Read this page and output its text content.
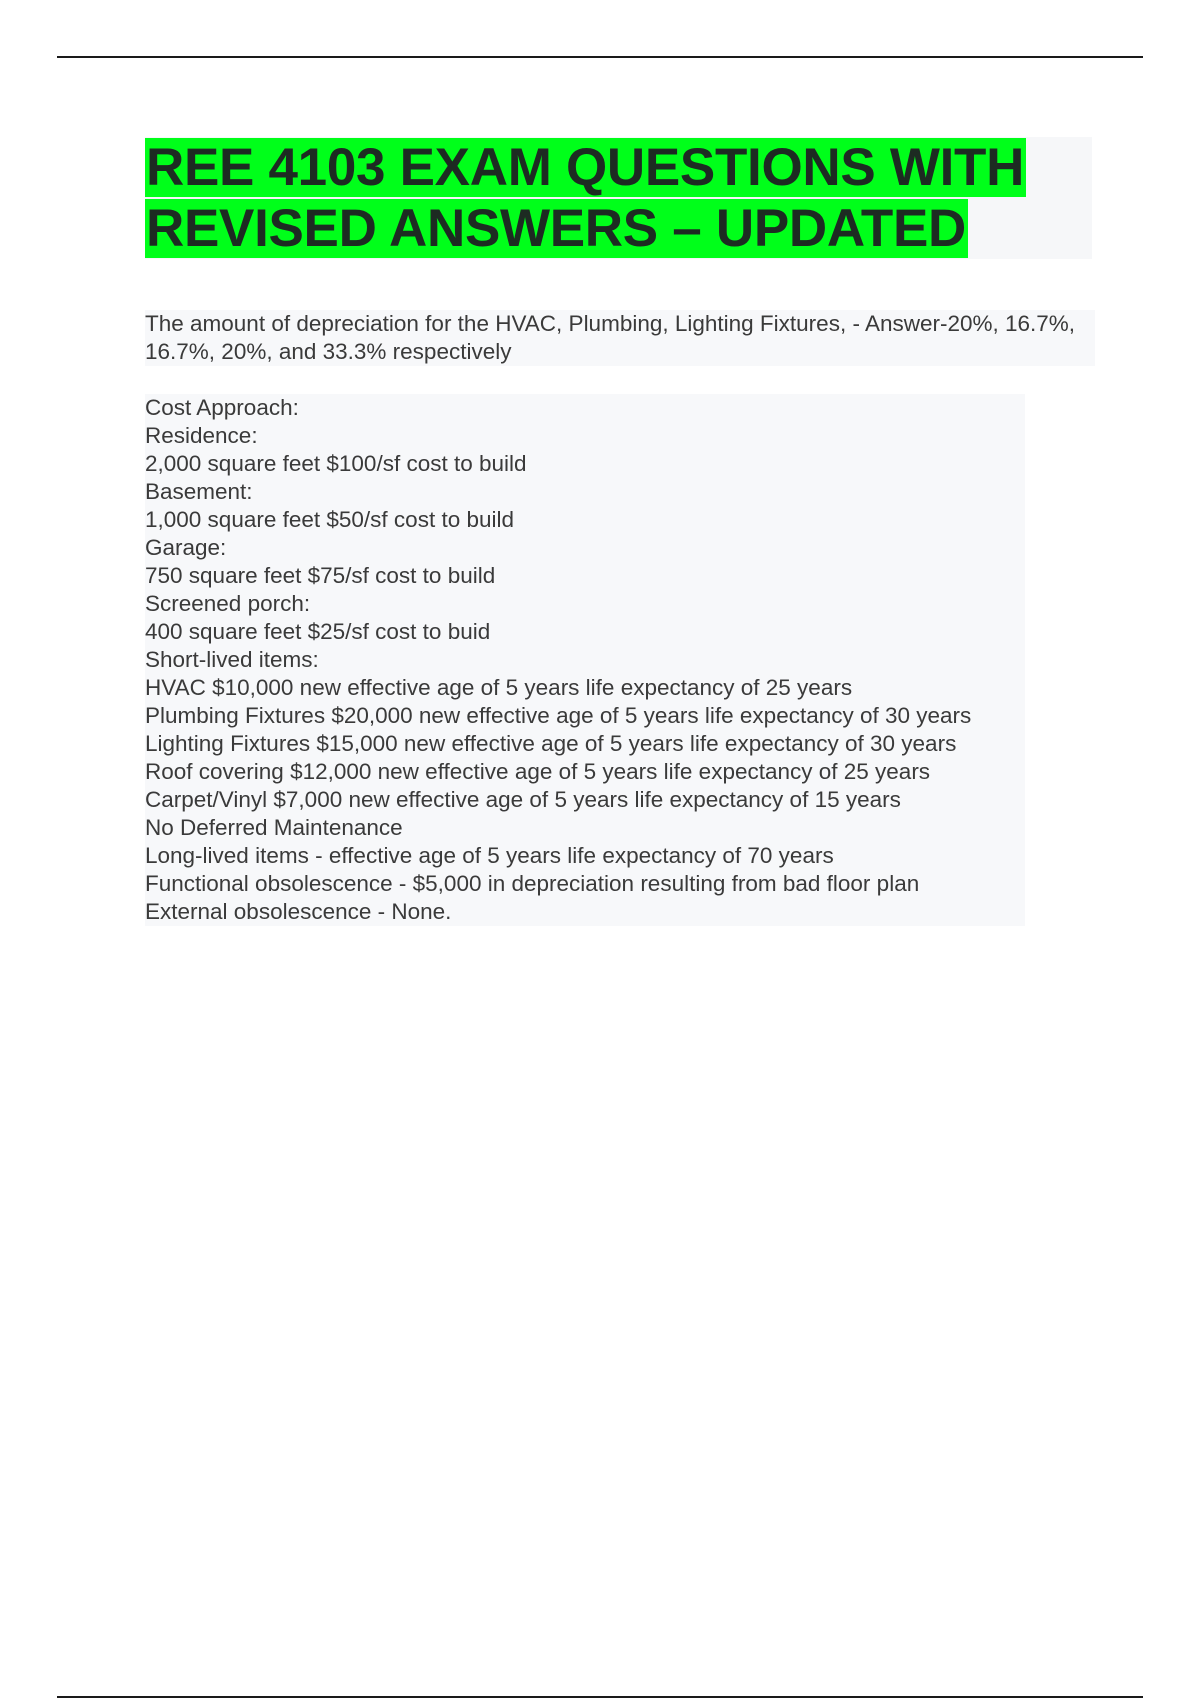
REE 4103 EXAM QUESTIONS WITH
REVISED ANSWERS – UPDATED

The amount of depreciation for the HVAC, Plumbing, Lighting Fixtures, - Answer-20%, 16.7%, 16.7%, 20%, and 33.3% respectively

Cost Approach:
Residence:
2,000 square feet $100/sf cost to build
Basement:
1,000 square feet $50/sf cost to build
Garage:
750 square feet $75/sf cost to build
Screened porch:
400 square feet $25/sf cost to buid
Short-lived items:
HVAC $10,000 new effective age of 5 years life expectancy of 25 years
Plumbing Fixtures $20,000 new effective age of 5 years life expectancy of 30 years
Lighting Fixtures $15,000 new effective age of 5 years life expectancy of 30 years
Roof covering $12,000 new effective age of 5 years life expectancy of 25 years
Carpet/Vinyl $7,000 new effective age of 5 years life expectancy of 15 years
No Deferred Maintenance
Long-lived items - effective age of 5 years life expectancy of 70 years
Functional obsolescence - $5,000 in depreciation resulting from bad floor plan
External obsolescence - None.
